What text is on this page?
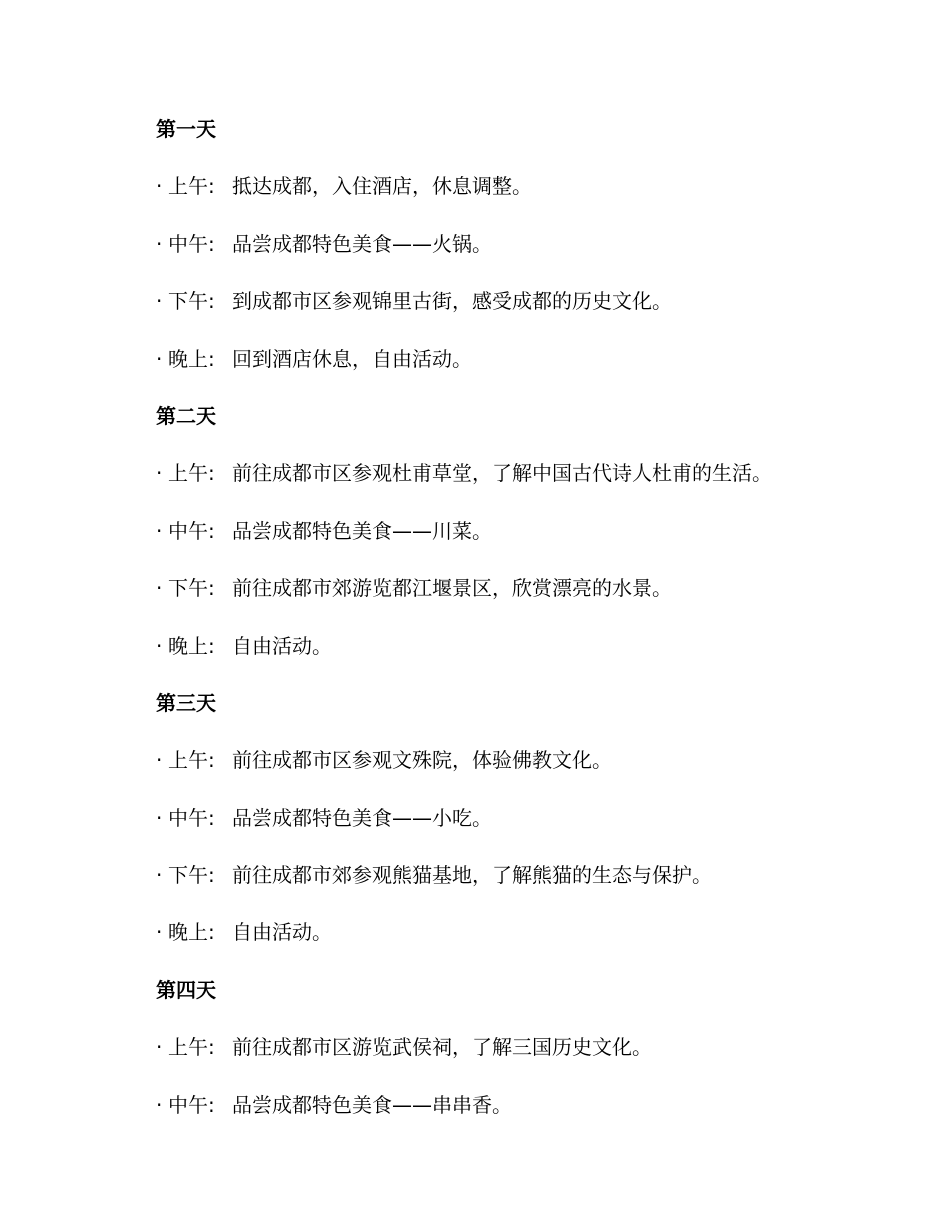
第一天
· 上午 : 抵达成都，入住酒店，休息调整。
· 中午 : 品尝成都特色美食——火锅。
· 下午 : 到成都市区参观锦里古街，感受成都的历史文化。
· 晚上 : 回到酒店休息，自由活动。
第二天
· 上午 : 前往成都市区参观杜甫草堂，了解中国古代诗人杜甫的生活。
· 中午 : 品尝成都特色美食——川菜。
· 下午 : 前往成都市郊游览都江堰景区，欣赏漂亮的水景。
· 晚上 : 自由活动。
第三天
· 上午 : 前往成都市区参观文殊院，体验佛教文化。
· 中午 : 品尝成都特色美食——小吃。
· 下午 : 前往成都市郊参观熊猫基地，了解熊猫的生态与保护。
· 晚上 : 自由活动。
第四天
· 上午 : 前往成都市区游览武侯祠，了解三国历史文化。
· 中午 : 品尝成都特色美食——串串香。
